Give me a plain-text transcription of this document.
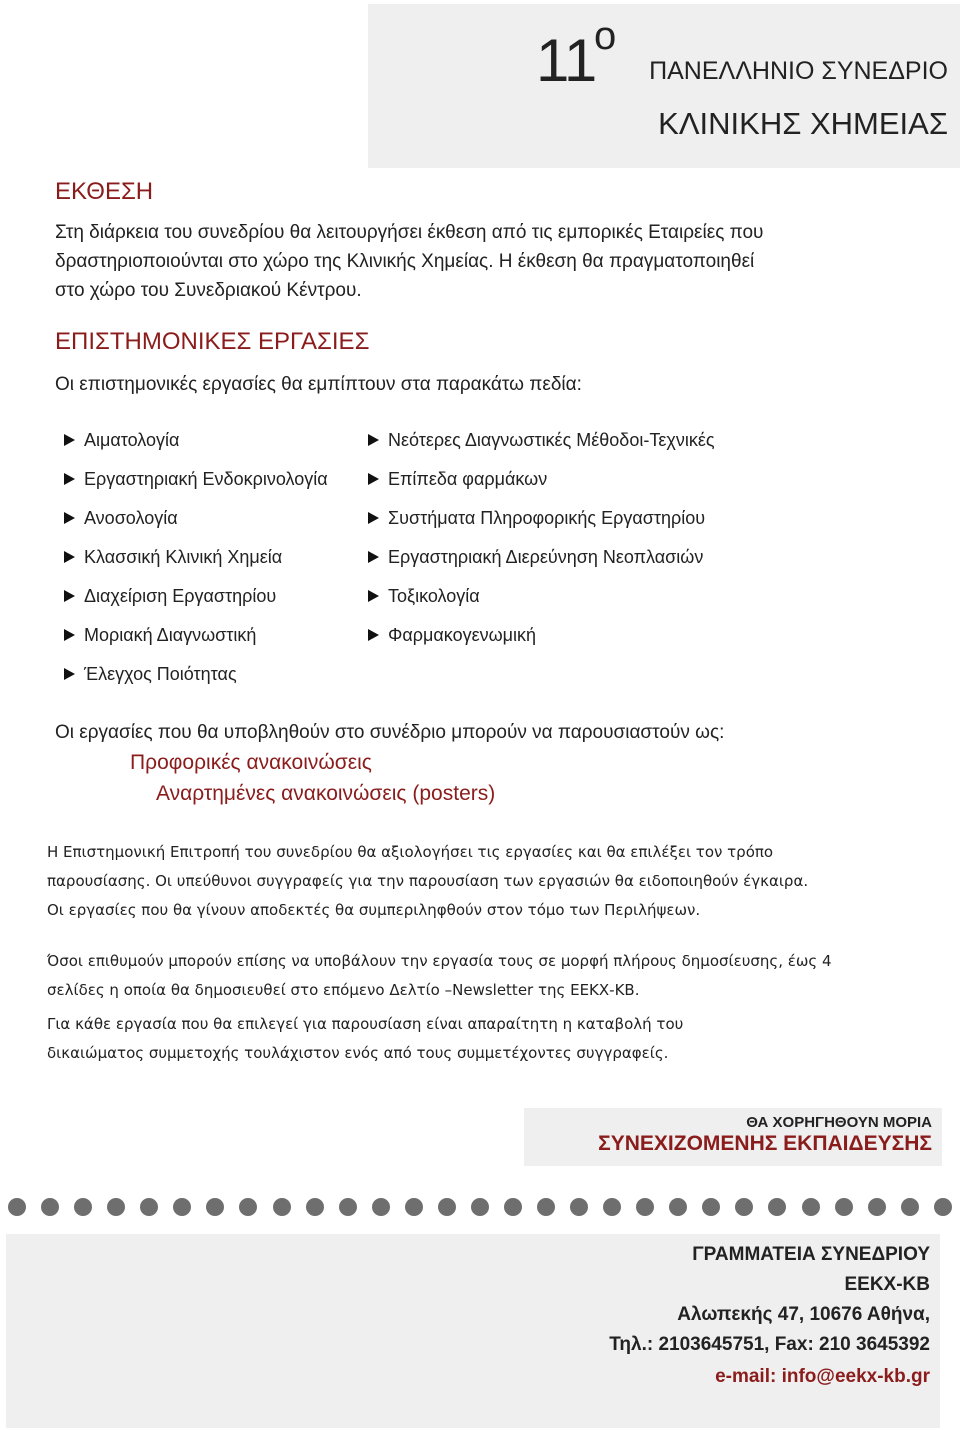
11
ο
ΠΑΝΕΛΛΗΝΙΟ ΣΥΝΕΔΡΙΟ
ΚΛΙΝΙΚΗΣ ΧΗΜΕΙΑΣ
ΕΚΘΕΣΗ
Στη διάρκεια του συνεδρίου θα λειτουργήσει έκθεση από τις εμπορικές Εταιρείες που
δραστηριοποιούνται στο χώρο της Κλινικής Χημείας. Η έκθεση θα πραγματοποιηθεί
στο χώρο του Συνεδριακού Κέντρου.
ΕΠΙΣΤΗΜΟΝΙΚΕΣ ΕΡΓΑΣΙΕΣ
Οι επιστημονικές εργασίες θα εμπίπτουν στα παρακάτω πεδία:
Αιματολογία
Εργαστηριακή Ενδοκρινολογία
Ανοσολογία
Κλασσική Κλινική Χημεία
Διαχείριση Εργαστηρίου
Μοριακή Διαγνωστική
Έλεγχος Ποιότητας
Νεότερες Διαγνωστικές Μέθοδοι-Τεχνικές
Επίπεδα φαρμάκων
Συστήματα Πληροφορικής Εργαστηρίου
Εργαστηριακή Διερεύνηση Νεοπλασιών
Τοξικολογία
Φαρμακογενωμική
Οι εργασίες που θα υποβληθούν στο συνέδριο μπορούν να παρουσιαστούν ως:
Προφορικές ανακοινώσεις
Αναρτημένες ανακοινώσεις (posters)
Η Επιστημονική Επιτροπή του συνεδρίου θα αξιολογήσει τις εργασίες και θα επιλέξει τον τρόπο
παρουσίασης. Οι υπεύθυνοι συγγραφείς για την παρουσίαση των εργασιών θα ειδοποιηθούν έγκαιρα.
Οι εργασίες που θα γίνουν αποδεκτές θα συμπεριληφθούν στον τόμο των Περιλήψεων.
Όσοι επιθυμούν μπορούν επίσης να υποβάλουν την εργασία τους σε μορφή πλήρους δημοσίευσης, έως 4
σελίδες η οποία θα δημοσιευθεί στο επόμενο Δελτίο –Newsletter της ΕΕΚΧ-ΚΒ.
Για κάθε εργασία που θα επιλεγεί για παρουσίαση είναι απαραίτητη η καταβολή του
δικαιώματος συμμετοχής τουλάχιστον ενός από τους συμμετέχοντες συγγραφείς.
ΘΑ ΧΟΡΗΓΗΘΟΥΝ ΜΟΡΙΑ
ΣΥΝΕΧΙΖΟΜΕΝΗΣ ΕΚΠΑΙΔΕΥΣΗΣ
ΓΡΑΜΜΑΤΕΙΑ ΣΥΝΕΔΡΙΟΥ
ΕΕΚΧ-ΚΒ
Αλωπεκής 47, 10676 Αθήνα,
Τηλ.: 2103645751, Fax: 210 3645392
e-mail: info@eekx-kb.gr
